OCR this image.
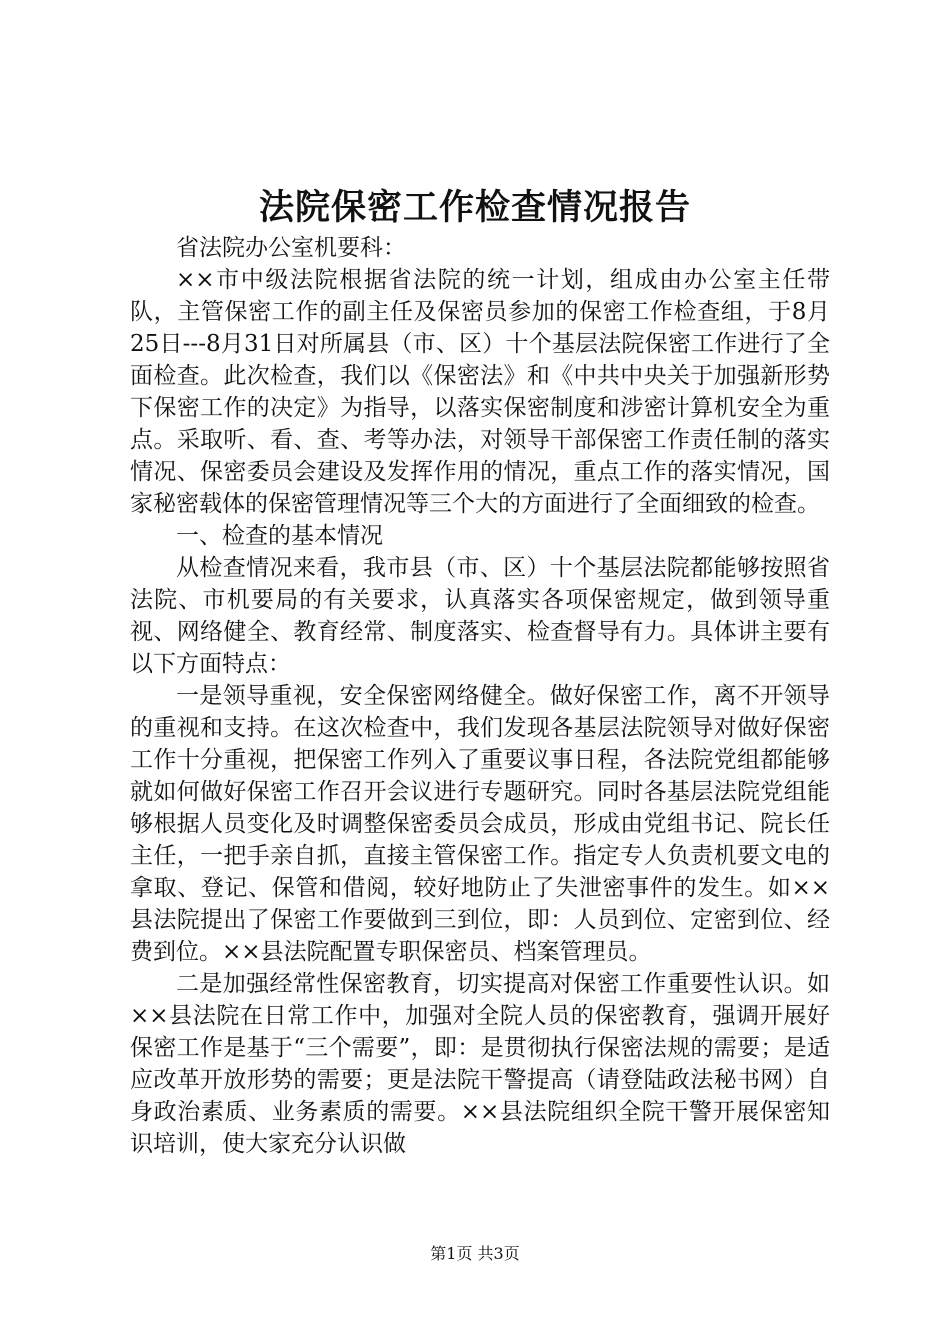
法院保密工作检查情况报告

省法院办公室机要科：

××市中级法院根据省法院的统一计划，组成由办公室主任带队，主管保密工作的副主任及保密员参加的保密工作检查组，于8月25日---8月31日对所属县（市、区）十个基层法院保密工作进行了全面检查。此次检查，我们以《保密法》和《中共中央关于加强新形势下保密工作的决定》为指导，以落实保密制度和涉密计算机安全为重点。采取听、看、查、考等办法，对领导干部保密工作责任制的落实情况、保密委员会建设及发挥作用的情况，重点工作的落实情况，国家秘密载体的保密管理情况等三个大的方面进行了全面细致的检查。

一、检查的基本情况

从检查情况来看，我市县（市、区）十个基层法院都能够按照省法院、市机要局的有关要求，认真落实各项保密规定，做到领导重视、网络健全、教育经常、制度落实、检查督导有力。具体讲主要有以下方面特点：

一是领导重视，安全保密网络健全。做好保密工作，离不开领导的重视和支持。在这次检查中，我们发现各基层法院领导对做好保密工作十分重视，把保密工作列入了重要议事日程，各法院党组都能够就如何做好保密工作召开会议进行专题研究。同时各基层法院党组能够根据人员变化及时调整保密委员会成员，形成由党组书记、院长任主任，一把手亲自抓，直接主管保密工作。指定专人负责机要文电的拿取、登记、保管和借阅，较好地防止了失泄密事件的发生。如××县法院提出了保密工作要做到三到位，即：人员到位、定密到位、经费到位。××县法院配置专职保密员、档案管理员。

二是加强经常性保密教育，切实提高对保密工作重要性认识。如××县法院在日常工作中，加强对全院人员的保密教育，强调开展好保密工作是基于“三个需要”，即：是贯彻执行保密法规的需要；是适应改革开放形势的需要；更是法院干警提高（请登陆政法秘书网）自身政治素质、业务素质的需要。××县法院组织全院干警开展保密知识培训，使大家充分认识做

第1页 共3页
